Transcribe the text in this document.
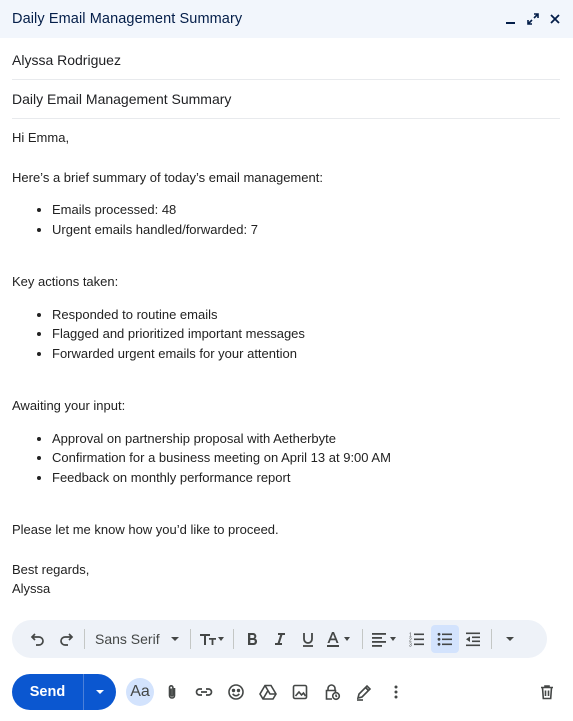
Daily Email Management Summary
Alyssa Rodriguez
Daily Email Management Summary

Hi Emma,

Here’s a brief summary of today’s email management:

• Emails processed: 48
• Urgent emails handled/forwarded: 7

Key actions taken:

• Responded to routine emails
• Flagged and prioritized important messages
• Forwarded urgent emails for your attention

Awaiting your input:

• Approval on partnership proposal with Aetherbyte
• Confirmation for a business meeting on April 13 at 9:00 AM
• Feedback on monthly performance report

Please let me know how you’d like to proceed.

Best regards,

Alyssa

Sans Serif	1
2
3
Send	Aa
